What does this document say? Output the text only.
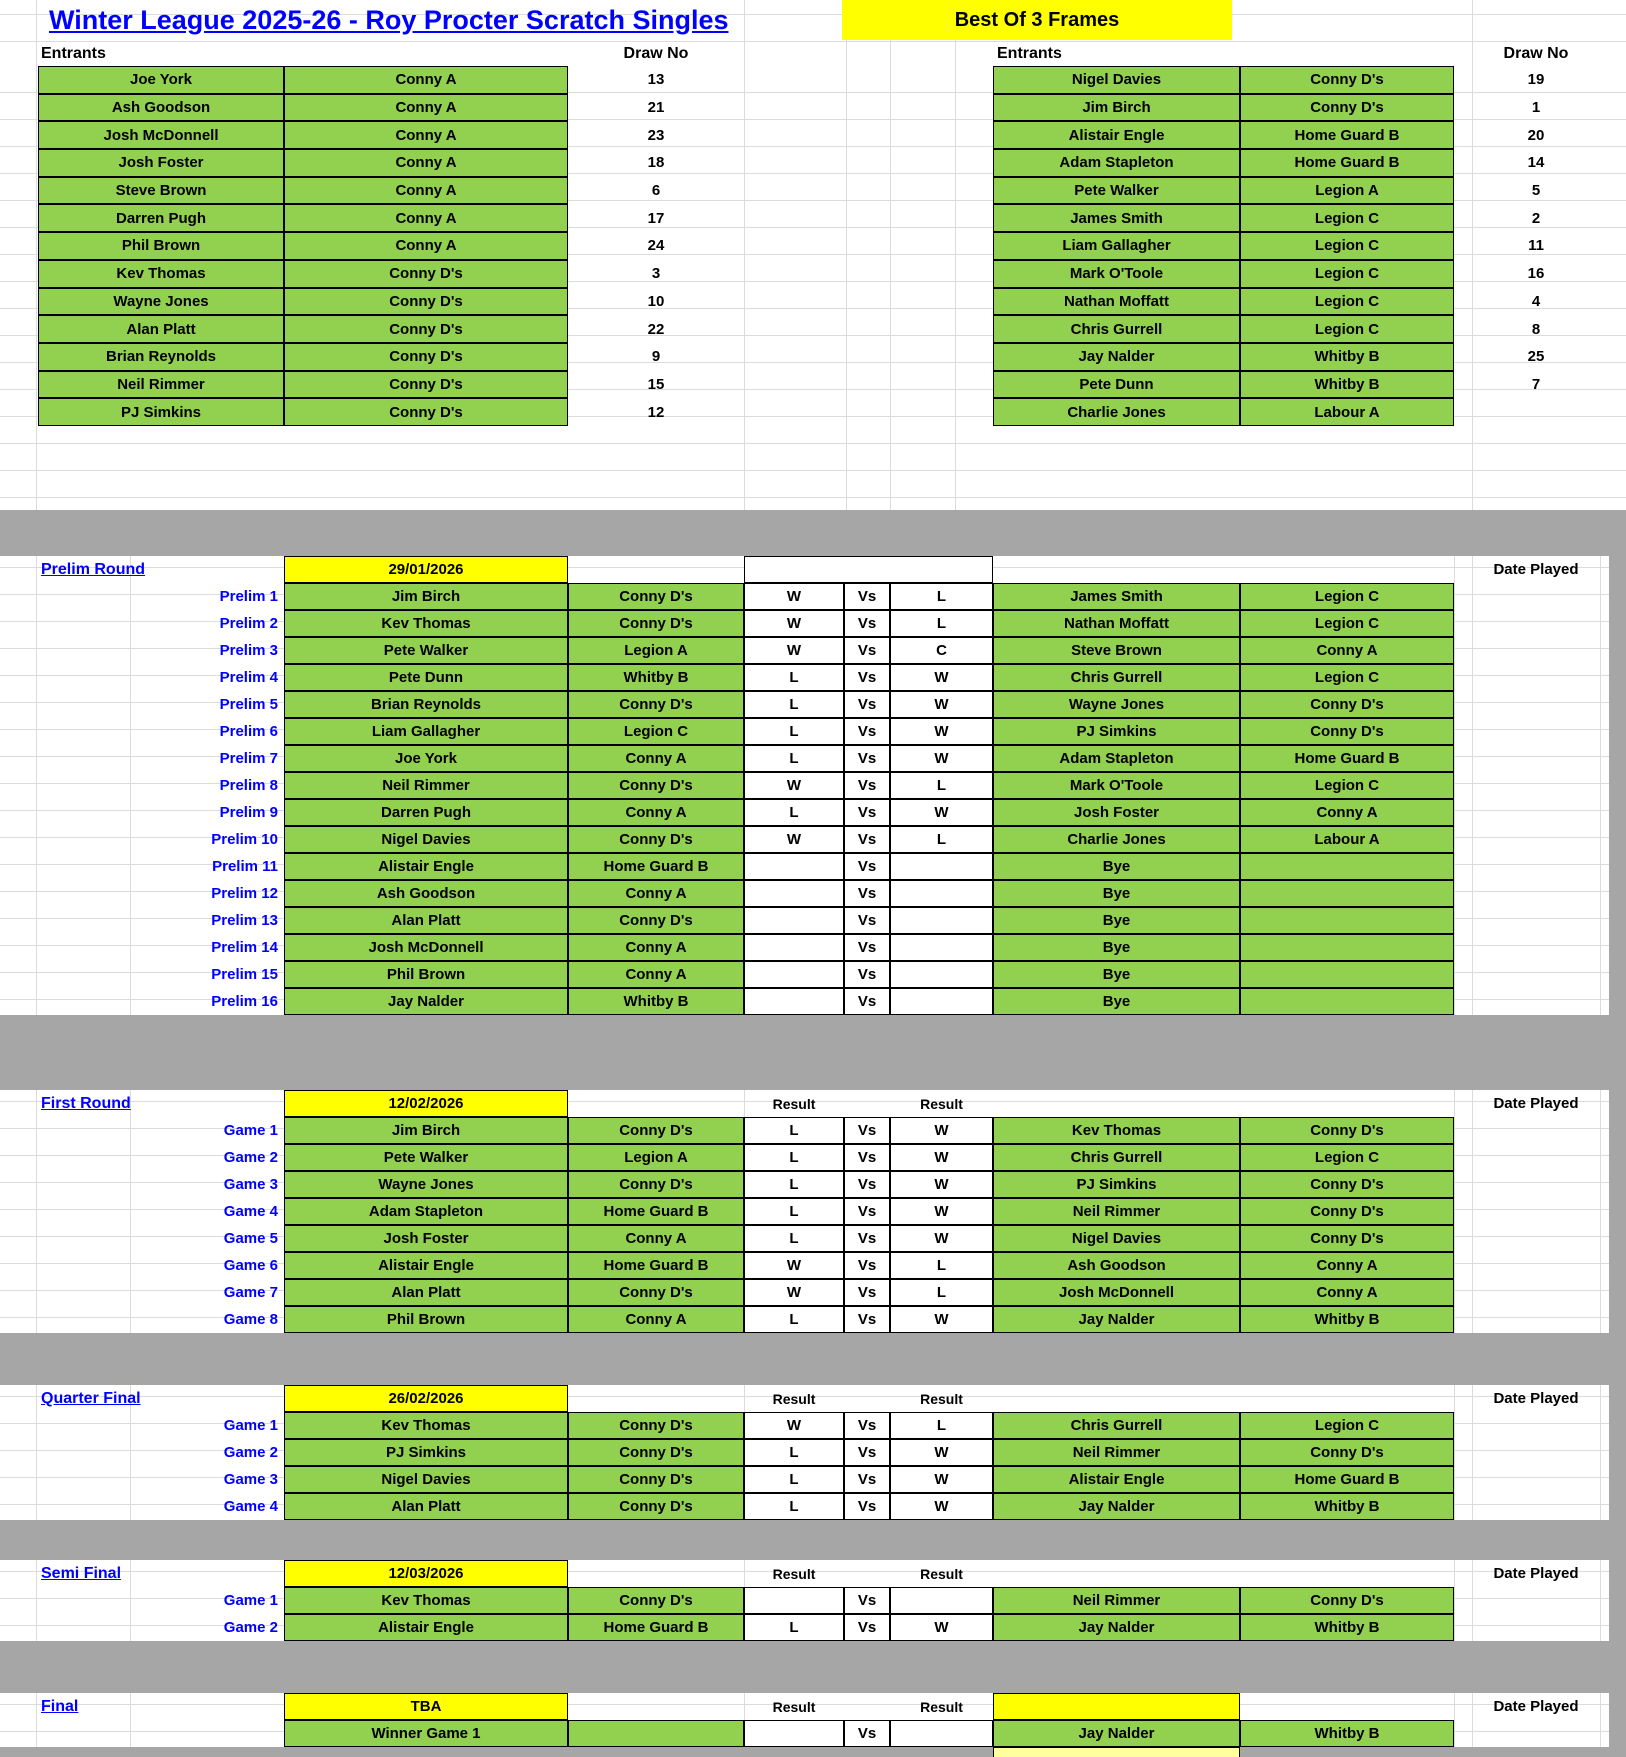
Winter League 2025-26 - Roy Procter Scratch Singles	Best Of 3 Frames
Entrants	Draw No	Entrants	Draw No
Joe York	Conny A	13	Nigel Davies	Conny D's	19
Ash Goodson	Conny A	21	Jim Birch	Conny D's	1
Josh McDonnell	Conny A	23	Alistair Engle	Home Guard B	20
Josh Foster	Conny A	18	Adam Stapleton	Home Guard B	14
Steve Brown	Conny A	6	Pete Walker	Legion A	5
Darren Pugh	Conny A	17	James Smith	Legion C	2
Phil Brown	Conny A	24	Liam Gallagher	Legion C	11
Kev Thomas	Conny D's	3	Mark O'Toole	Legion C	16
Wayne Jones	Conny D's	10	Nathan Moffatt	Legion C	4
Alan Platt	Conny D's	22	Chris Gurrell	Legion C	8
Brian Reynolds	Conny D's	9	Jay Nalder	Whitby B	25
Neil Rimmer	Conny D's	15	Pete Dunn	Whitby B	7
PJ Simkins	Conny D's	12	Charlie Jones	Labour A
Prelim Round	29/01/2026	Date Played
Prelim 1	Jim Birch	Conny D's	W	Vs	L	James Smith	Legion C
Prelim 2	Kev Thomas	Conny D's	W	Vs	L	Nathan Moffatt	Legion C
Prelim 3	Pete Walker	Legion A	W	Vs	C	Steve Brown	Conny A
Prelim 4	Pete Dunn	Whitby B	L	Vs	W	Chris Gurrell	Legion C
Prelim 5	Brian Reynolds	Conny D's	L	Vs	W	Wayne Jones	Conny D's
Prelim 6	Liam Gallagher	Legion C	L	Vs	W	PJ Simkins	Conny D's
Prelim 7	Joe York	Conny A	L	Vs	W	Adam Stapleton	Home Guard B
Prelim 8	Neil Rimmer	Conny D's	W	Vs	L	Mark O'Toole	Legion C
Prelim 9	Darren Pugh	Conny A	L	Vs	W	Josh Foster	Conny A
Prelim 10	Nigel Davies	Conny D's	W	Vs	L	Charlie Jones	Labour A
Prelim 11	Alistair Engle	Home Guard B	Vs	Bye
Prelim 12	Ash Goodson	Conny A	Vs	Bye
Prelim 13	Alan Platt	Conny D's	Vs	Bye
Prelim 14	Josh McDonnell	Conny A	Vs	Bye
Prelim 15	Phil Brown	Conny A	Vs	Bye
Prelim 16	Jay Nalder	Whitby B	Vs	Bye
First Round	12/02/2026	Result	Result	Date Played
Game 1	Jim Birch	Conny D's	L	Vs	W	Kev Thomas	Conny D's
Game 2	Pete Walker	Legion A	L	Vs	W	Chris Gurrell	Legion C
Game 3	Wayne Jones	Conny D's	L	Vs	W	PJ Simkins	Conny D's
Game 4	Adam Stapleton	Home Guard B	L	Vs	W	Neil Rimmer	Conny D's
Game 5	Josh Foster	Conny A	L	Vs	W	Nigel Davies	Conny D's
Game 6	Alistair Engle	Home Guard B	W	Vs	L	Ash Goodson	Conny A
Game 7	Alan Platt	Conny D's	W	Vs	L	Josh McDonnell	Conny A
Game 8	Phil Brown	Conny A	L	Vs	W	Jay Nalder	Whitby B
Quarter Final	26/02/2026	Result	Result	Date Played
Game 1	Kev Thomas	Conny D's	W	Vs	L	Chris Gurrell	Legion C
Game 2	PJ Simkins	Conny D's	L	Vs	W	Neil Rimmer	Conny D's
Game 3	Nigel Davies	Conny D's	L	Vs	W	Alistair Engle	Home Guard B
Game 4	Alan Platt	Conny D's	L	Vs	W	Jay Nalder	Whitby B
Semi Final	12/03/2026	Result	Result	Date Played
Game 1	Kev Thomas	Conny D's	Vs	Neil Rimmer	Conny D's
Game 2	Alistair Engle	Home Guard B	L	Vs	W	Jay Nalder	Whitby B
Final	TBA	Result	Result	Date Played
Winner Game 1	Vs	Jay Nalder	Whitby B
